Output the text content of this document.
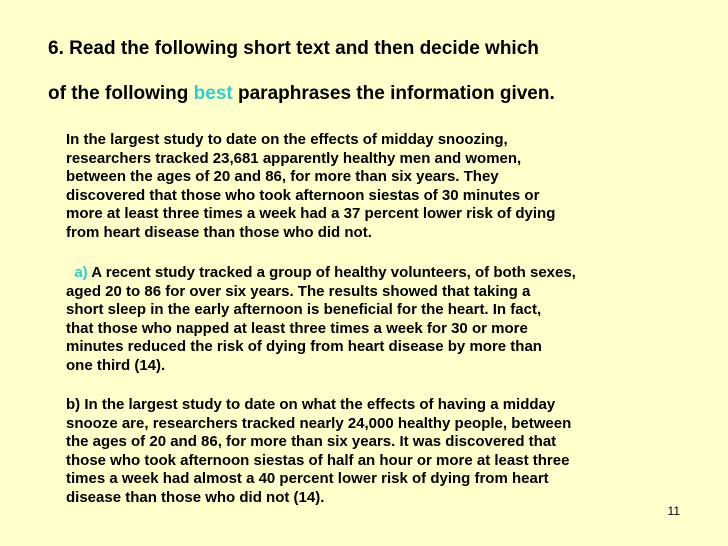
6. Read the following short text and then decide which
of the following best paraphrases the information given.

In the largest study to date on the effects of midday snoozing,
researchers tracked 23,681 apparently healthy men and women,
between the ages of 20 and 86, for more than six years. They
discovered that those who took afternoon siestas of 30 minutes or
more at least three times a week had a 37 percent lower risk of dying
from heart disease than those who did not.

a) A recent study tracked a group of healthy volunteers, of both sexes,
aged 20 to 86 for over six years. The results showed that taking a
short sleep in the early afternoon is beneficial for the heart. In fact,
that those who napped at least three times a week for 30 or more
minutes reduced the risk of dying from heart disease by more than
one third (14).

b) In the largest study to date on what the effects of having a midday
snooze are, researchers tracked nearly 24,000 healthy people, between
the ages of 20 and 86, for more than six years. It was discovered that
those who took afternoon siestas of half an hour or more at least three
times a week had almost a 40 percent lower risk of dying from heart
disease than those who did not (14).

11
